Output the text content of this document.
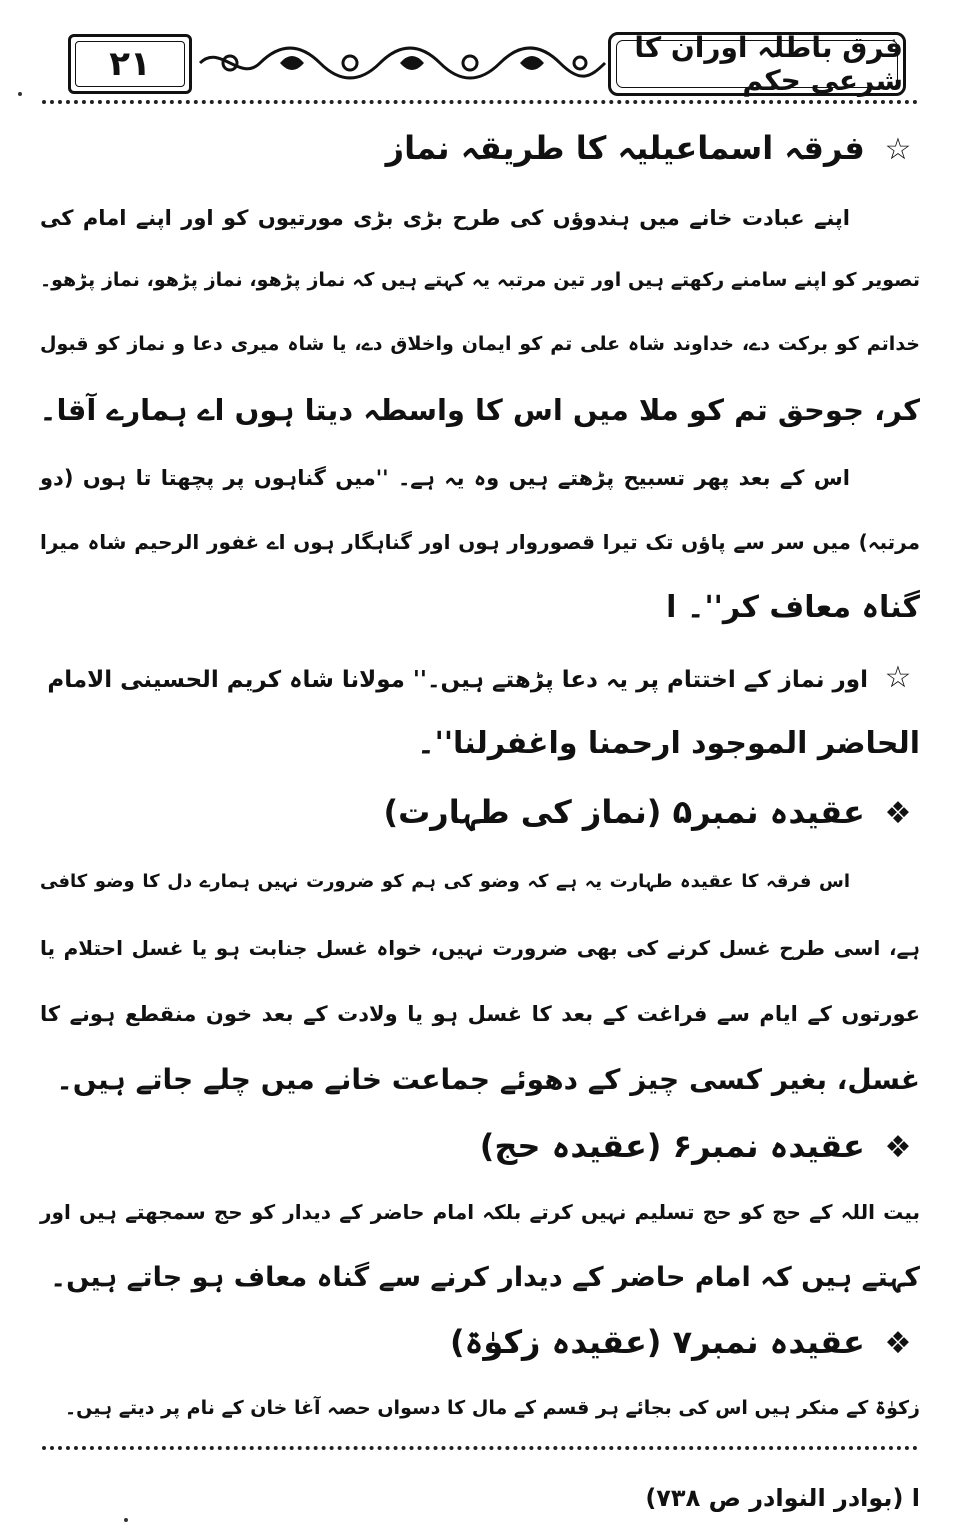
۲۱	فرق باطلہ اوران کا شرعی حکم
☆ فرقہ اسماعیلیہ کا طریقہ نماز
اپنے عبادت خانے میں ہندوؤں کی طرح بڑی بڑی مورتیوں کو اور اپنے امام کی
تصویر کو اپنے سامنے رکھتے ہیں اور تین مرتبہ یہ کہتے ہیں کہ نماز پڑھو، نماز پڑھو، نماز پڑھو۔
خداتم کو برکت دے، خداوند شاہ علی تم کو ایمان واخلاق دے، یا شاہ میری دعا و نماز کو قبول
کر، جوحق تم کو ملا میں اس کا واسطہ دیتا ہوں اے ہمارے آقا۔
اس کے بعد پھر تسبیح پڑھتے ہیں وہ یہ ہے۔ ''میں گناہوں پر پچھتا تا ہوں (دو
مرتبہ) میں سر سے پاؤں تک تیرا قصوروار ہوں اور گناہگار ہوں اے غفور الرحیم شاہ میرا
گناہ معاف کر''۔ ا
☆ اور نماز کے اختتام پر یہ دعا پڑھتے ہیں۔'' مولانا شاہ کریم الحسینی الامام
الحاضر الموجود ارحمنا واغفرلنا''۔
❖ عقیدہ نمبر۵ (نماز کی طہارت)
اس فرقہ کا عقیدہ طہارت یہ ہے کہ وضو کی ہم کو ضرورت نہیں ہمارے دل کا وضو کافی
ہے، اسی طرح غسل کرنے کی بھی ضرورت نہیں، خواہ غسل جنابت ہو یا غسل احتلام یا
عورتوں کے ایام سے فراغت کے بعد کا غسل ہو یا ولادت کے بعد خون منقطع ہونے کا
غسل، بغیر کسی چیز کے دھوئے جماعت خانے میں چلے جاتے ہیں۔
❖ عقیدہ نمبر۶ (عقیدہ حج)
بیت اللہ کے حج کو حج تسلیم نہیں کرتے بلکہ امام حاضر کے دیدار کو حج سمجھتے ہیں اور
کہتے ہیں کہ امام حاضر کے دیدار کرنے سے گناہ معاف ہو جاتے ہیں۔
❖ عقیدہ نمبر۷ (عقیدہ زکوٰۃ)
زکوٰۃ کے منکر ہیں اس کی بجائے ہر قسم کے مال کا دسواں حصہ آغا خان کے نام پر دیتے ہیں۔
ا (بوادر النوادر ص ۷۳۸)
